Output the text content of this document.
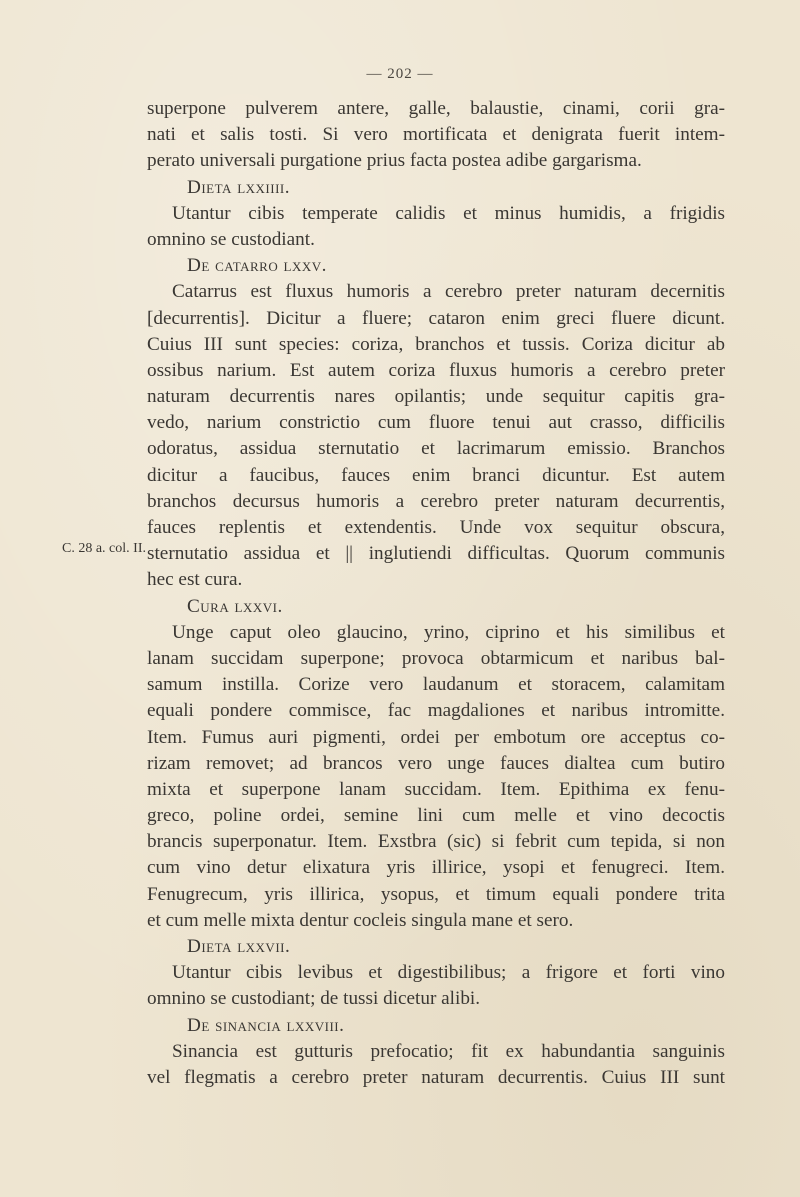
— 202 —
C. 28 a. col. II.
superpone pulverem antere, galle, balaustie, cinami, corii gra-
nati et salis tosti. Si vero mortificata et denigrata fuerit intem-
perato universali purgatione prius facta postea adibe gargarisma.
Dieta lxxiiii.
Utantur cibis temperate calidis et minus humidis, a frigidis
omnino se custodiant.
De catarro lxxv.
Catarrus est fluxus humoris a cerebro preter naturam decernitis
[decurrentis]. Dicitur a fluere; cataron enim greci fluere dicunt.
Cuius III sunt species: coriza, branchos et tussis. Coriza dicitur ab
ossibus narium. Est autem coriza fluxus humoris a cerebro preter
naturam decurrentis nares opilantis; unde sequitur capitis gra-
vedo, narium constrictio cum fluore tenui aut crasso, difficilis
odoratus, assidua sternutatio et lacrimarum emissio. Branchos
dicitur a faucibus, fauces enim branci dicuntur. Est autem
branchos decursus humoris a cerebro preter naturam decurrentis,
fauces replentis et extendentis. Unde vox sequitur obscura,
sternutatio assidua et || inglutiendi difficultas. Quorum communis
hec est cura.
Cura lxxvi.
Unge caput oleo glaucino, yrino, ciprino et his similibus et
lanam succidam superpone; provoca obtarmicum et naribus bal-
samum instilla. Corize vero laudanum et storacem, calamitam
equali pondere commisce, fac magdaliones et naribus intromitte.
Item. Fumus auri pigmenti, ordei per embotum ore acceptus co-
rizam removet; ad brancos vero unge fauces dialtea cum butiro
mixta et superpone lanam succidam. Item. Epithima ex fenu-
greco, poline ordei, semine lini cum melle et vino decoctis
brancis superponatur. Item. Exstbra (sic) si febrit cum tepida, si non
cum vino detur elixatura yris illirice, ysopi et fenugreci. Item.
Fenugrecum, yris illirica, ysopus, et timum equali pondere trita
et cum melle mixta dentur cocleis singula mane et sero.
Dieta lxxvii.
Utantur cibis levibus et digestibilibus; a frigore et forti vino
omnino se custodiant; de tussi dicetur alibi.
De sinancia lxxviii.
Sinancia est gutturis prefocatio; fit ex habundantia sanguinis
vel flegmatis a cerebro preter naturam decurrentis. Cuius III sunt
